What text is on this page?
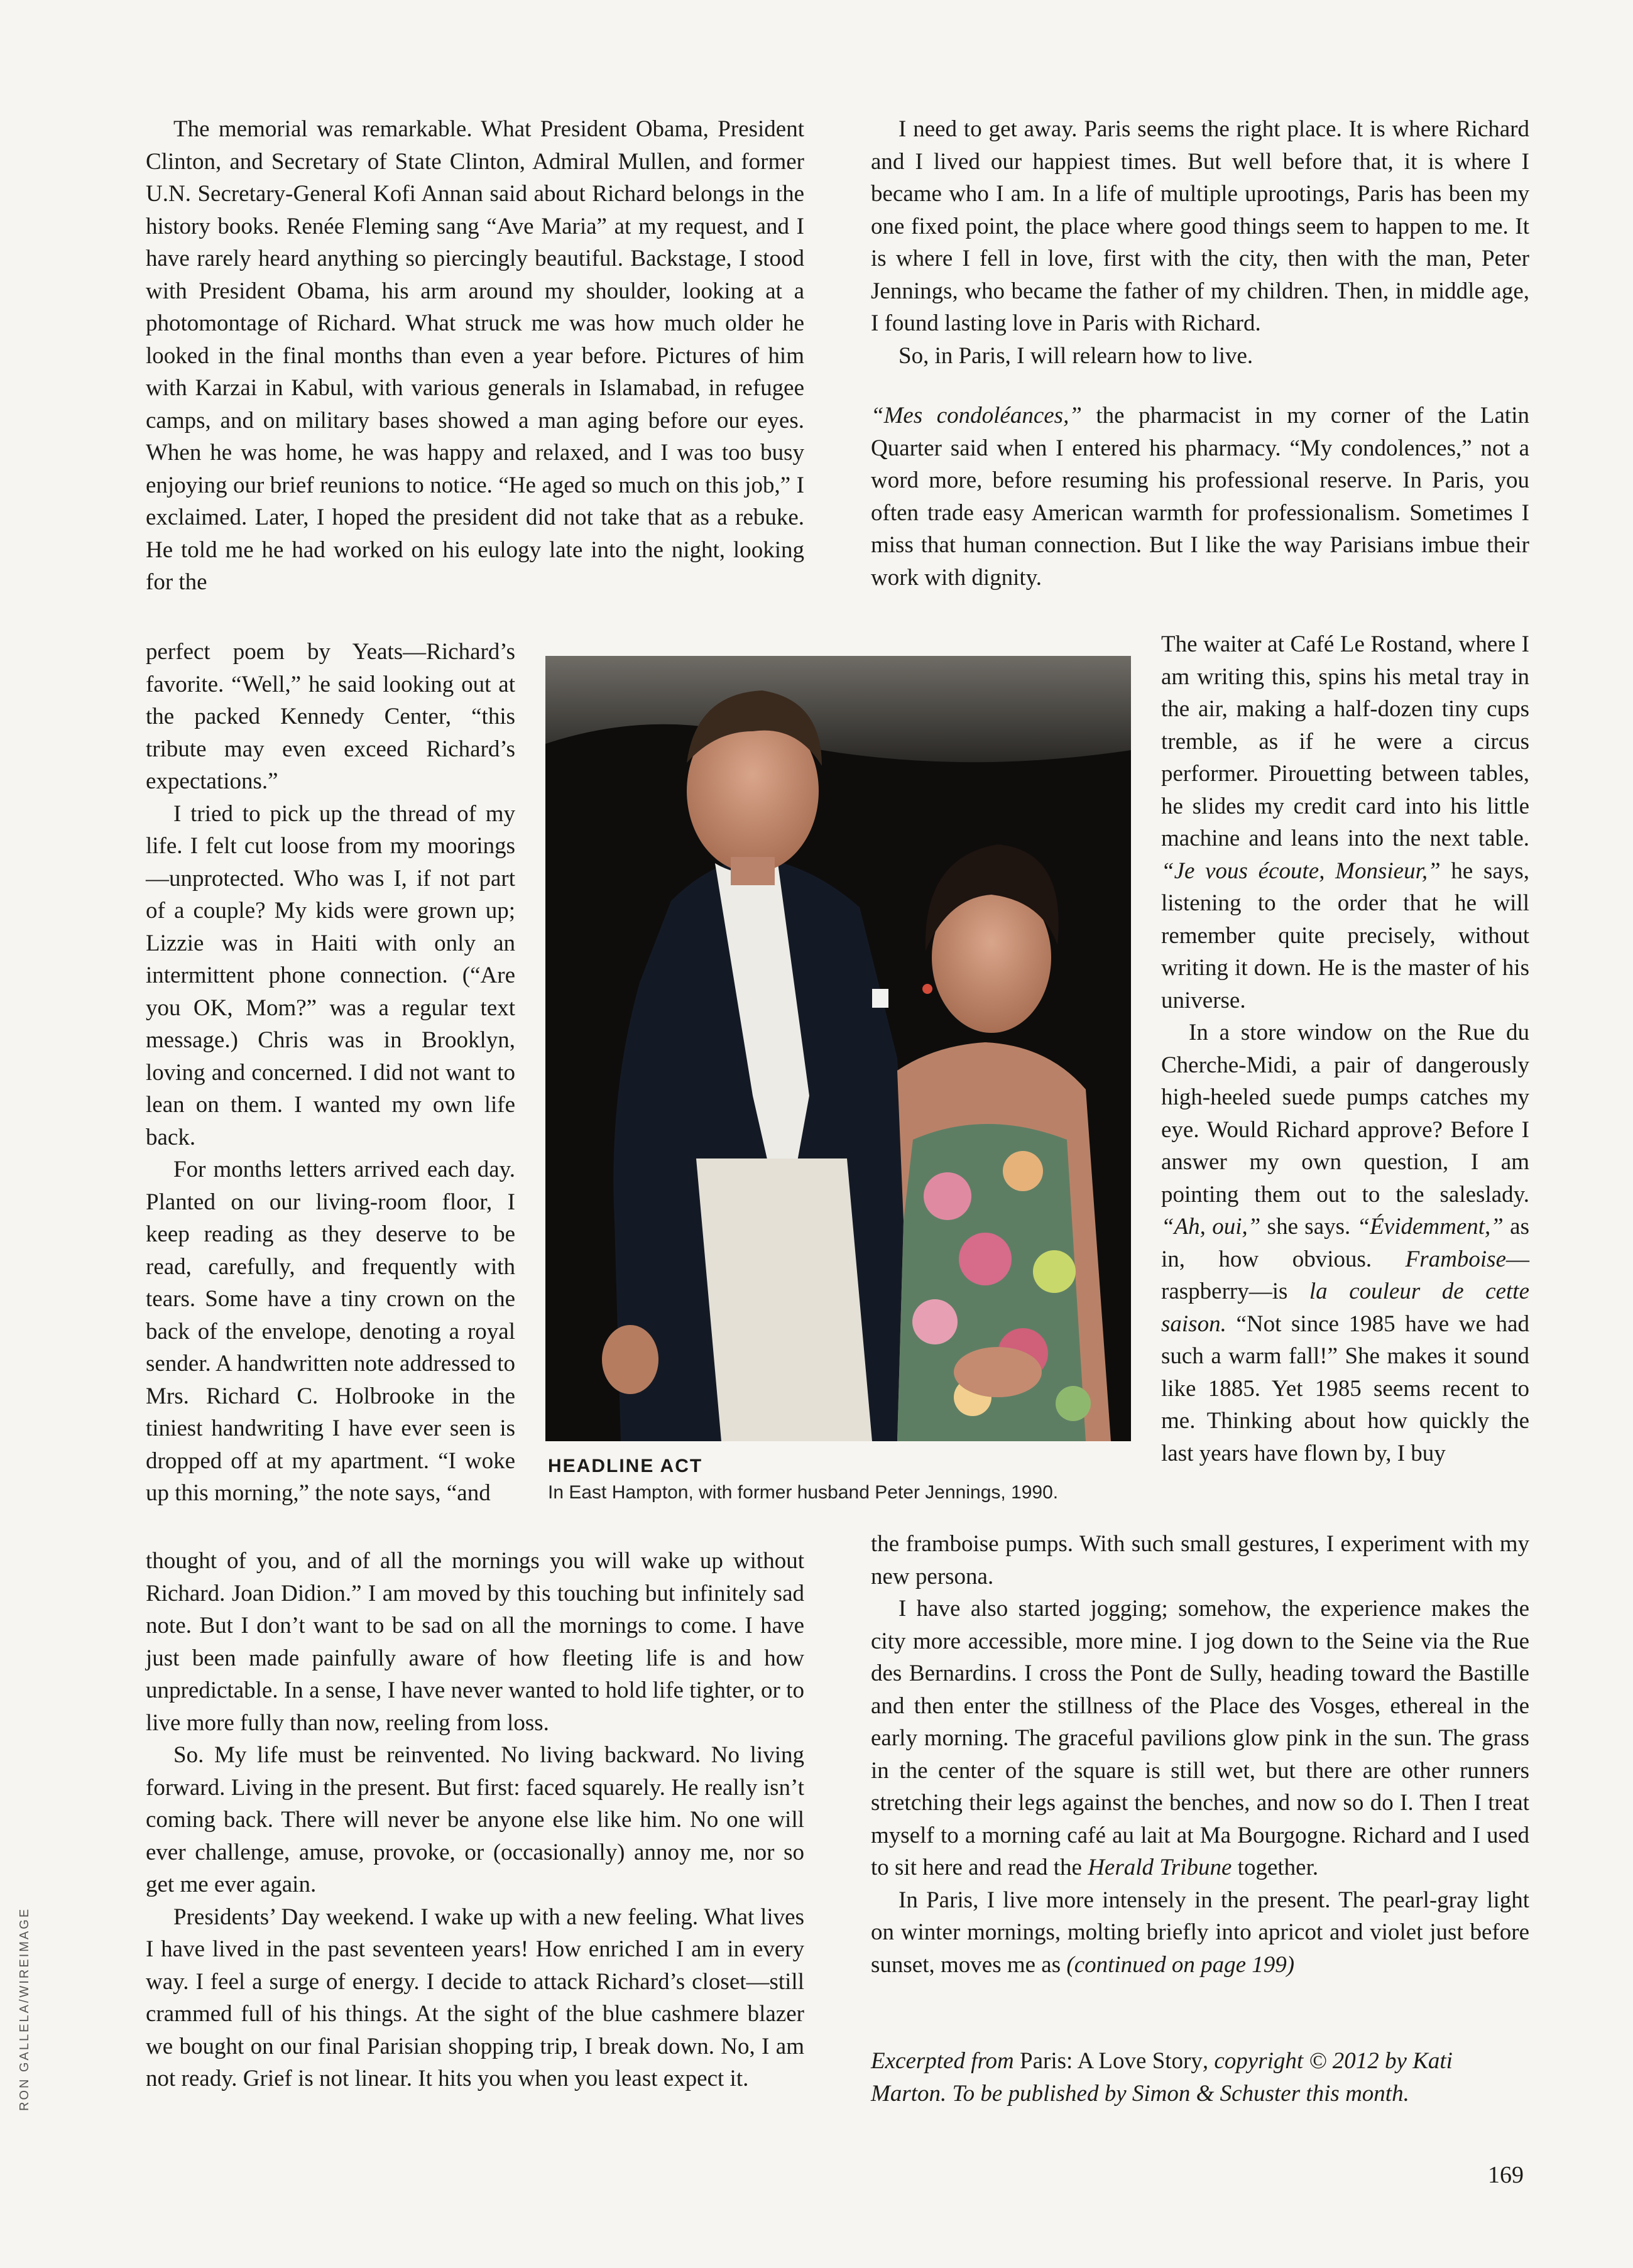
The memorial was remarkable. What President Obama, President Clinton, and Secretary of State Clinton, Admiral Mullen, and former U.N. Secretary-General Kofi Annan said about Richard belongs in the history books. Renée Fleming sang “Ave Maria” at my request, and I have rarely heard anything so piercingly beautiful. Backstage, I stood with President Obama, his arm around my shoulder, looking at a photomontage of Richard. What struck me was how much older he looked in the final months than even a year before. Pictures of him with Karzai in Kabul, with various generals in Islamabad, in refugee camps, and on military bases showed a man aging before our eyes. When he was home, he was happy and relaxed, and I was too busy enjoying our brief reunions to notice. “He aged so much on this job,” I exclaimed. Later, I hoped the president did not take that as a rebuke. He told me he had worked on his eulogy late into the night, looking for the

perfect poem by Yeats—Richard’s favorite. “Well,” he said looking out at the packed Kennedy Center, “this tribute may even exceed Richard’s expectations.”

I tried to pick up the thread of my life. I felt cut loose from my moorings—unprotected. Who was I, if not part of a couple? My kids were grown up; Lizzie was in Haiti with only an intermittent phone connection. (“Are you OK, Mom?” was a regular text message.) Chris was in Brooklyn, loving and concerned. I did not want to lean on them. I wanted my own life back.

For months letters arrived each day. Planted on our living-room floor, I keep reading as they deserve to be read, carefully, and frequently with tears. Some have a tiny crown on the back of the envelope, denoting a royal sender. A handwritten note addressed to Mrs. Richard C. Holbrooke in the tiniest handwriting I have ever seen is dropped off at my apartment. “I woke up this morning,” the note says, “and

thought of you, and of all the mornings you will wake up without Richard. Joan Didion.” I am moved by this touching but infinitely sad note. But I don’t want to be sad on all the mornings to come. I have just been made painfully aware of how fleeting life is and how unpredictable. In a sense, I have never wanted to hold life tighter, or to live more fully than now, reeling from loss.

So. My life must be reinvented. No living backward. No living forward. Living in the present. But first: faced squarely. He really isn’t coming back. There will never be anyone else like him. No one will ever challenge, amuse, provoke, or (occasionally) annoy me, nor so get me ever again.

Presidents’ Day weekend. I wake up with a new feeling. What lives I have lived in the past seventeen years! How enriched I am in every way. I feel a surge of energy. I decide to attack Richard’s closet—still crammed full of his things. At the sight of the blue cashmere blazer we bought on our final Parisian shopping trip, I break down. No, I am not ready. Grief is not linear. It hits you when you least expect it.

I need to get away. Paris seems the right place. It is where Richard and I lived our happiest times. But well before that, it is where I became who I am. In a life of multiple uprootings, Paris has been my one fixed point, the place where good things seem to happen to me. It is where I fell in love, first with the city, then with the man, Peter Jennings, who became the father of my children. Then, in middle age, I found lasting love in Paris with Richard.

So, in Paris, I will relearn how to live.

“Mes condoléances,” the pharmacist in my corner of the Latin Quarter said when I entered his pharmacy. “My condolences,” not a word more, before resuming his professional reserve. In Paris, you often trade easy American warmth for professionalism. Sometimes I miss that human connection. But I like the way Parisians imbue their work with dignity.

The waiter at Café Le Rostand, where I am writing this, spins his metal tray in the air, making a half-dozen tiny cups tremble, as if he were a circus performer. Pirouetting between tables, he slides my credit card into his little machine and leans into the next table. “Je vous écoute, Monsieur,” he says, listening to the order that he will remember quite precisely, without writing it down. He is the master of his universe.

In a store window on the Rue du Cherche-Midi, a pair of dangerously high-heeled suede pumps catches my eye. Would Richard approve? Before I answer my own question, I am pointing them out to the saleslady. “Ah, oui,” she says. “Évidemment,” as in, how obvious. Framboise—raspberry—is la couleur de cette saison. “Not since 1985 have we had such a warm fall!” She makes it sound like 1885. Yet 1985 seems recent to me. Thinking about how quickly the last years have flown by, I buy

the framboise pumps. With such small gestures, I experiment with my new persona.

I have also started jogging; somehow, the experience makes the city more accessible, more mine. I jog down to the Seine via the Rue des Bernardins. I cross the Pont de Sully, heading toward the Bastille and then enter the stillness of the Place des Vosges, ethereal in the early morning. The graceful pavilions glow pink in the sun. The grass in the center of the square is still wet, but there are other runners stretching their legs against the benches, and now so do I. Then I treat myself to a morning café au lait at Ma Bourgogne. Richard and I used to sit here and read the Herald Tribune together.

In Paris, I live more intensely in the present. The pearl-gray light on winter mornings, molting briefly into apricot and violet just before sunset, moves me as (continued on page 199)

HEADLINE ACT
In East Hampton, with former husband Peter Jennings, 1990.
RON GALLELA/WIREIMAGE	Excerpted from Paris: A Love Story, copyright © 2012 by Kati Marton. To be published by Simon & Schuster this month.
169
